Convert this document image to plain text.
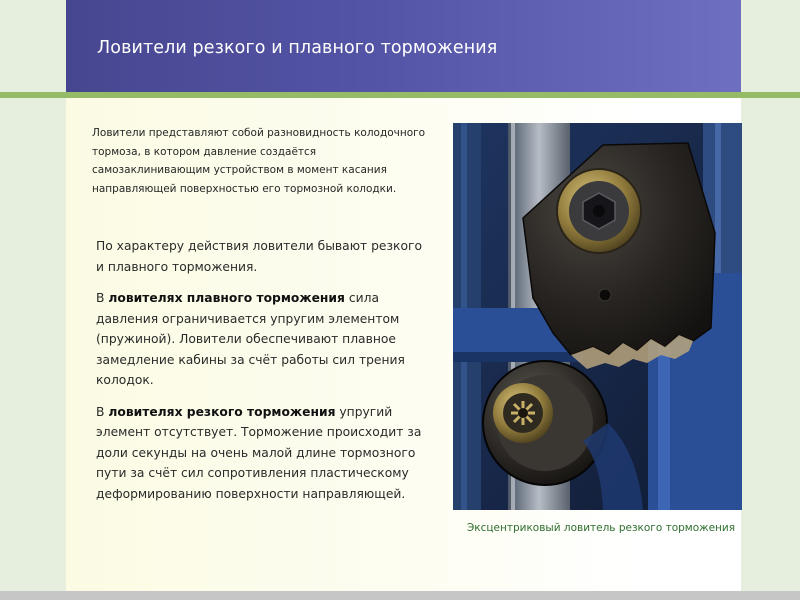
Ловители резкого и плавного торможения

Ловители представляют собой разновидность колодочного тормоза, в котором давление создаётся самозаклинивающим устройством в момент касания направляющей поверхностью его тормозной колодки.

По характеру действия ловители бывают резкого и плавного торможения.

В ловителях плавного торможения сила давления ограничивается упругим элементом (пружиной). Ловители обеспечивают плавное замедление кабины за счёт работы сил трения колодок.

В ловителях резкого торможения упругий элемент отсутствует. Торможение происходит за доли секунды на очень малой длине тормозного пути за счёт сил сопротивления пластическому деформированию поверхности направляющей.

Эксцентриковый ловитель резкого торможения
